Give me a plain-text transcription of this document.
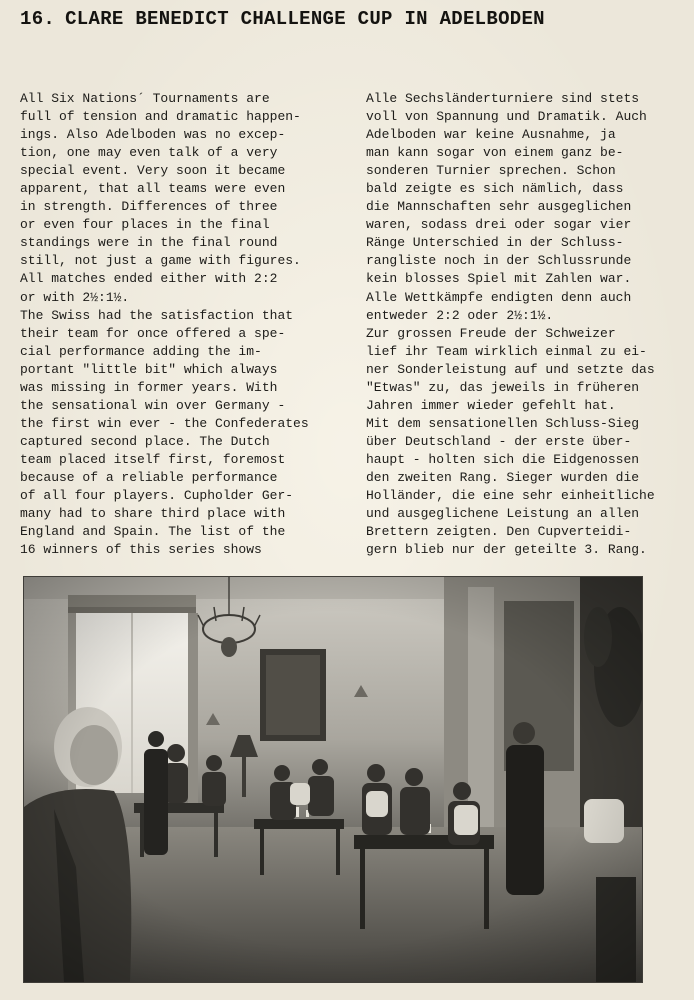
16. CLARE BENEDICT CHALLENGE CUP IN ADELBODEN
All Six Nations´ Tournaments are
full of tension and dramatic happen-
ings. Also Adelboden was no excep-
tion, one may even talk of a very
special event. Very soon it became
apparent, that all teams were even
in strength. Differences of three
or even four places in the final
standings were in the final round
still, not just a game with figures.
All matches ended either with 2:2
or with 2½:1½.
The Swiss had the satisfaction that
their team for once offered a spe-
cial performance adding the im-
portant "little bit" which always
was missing in former years. With
the sensational win over Germany -
the first win ever - the Confederates
captured second place. The Dutch
team placed itself first, foremost
because of a reliable performance
of all four players. Cupholder Ger-
many had to share third place with
England and Spain. The list of the
16 winners of this series shows
Alle Sechsländerturniere sind stets
voll von Spannung und Dramatik. Auch
Adelboden war keine Ausnahme, ja
man kann sogar von einem ganz be-
sonderen Turnier sprechen. Schon
bald zeigte es sich nämlich, dass
die Mannschaften sehr ausgeglichen
waren, sodass drei oder sogar vier
Ränge Unterschied in der Schluss-
rangliste noch in der Schlussrunde
kein blosses Spiel mit Zahlen war.
Alle Wettkämpfe endigten denn auch
entweder 2:2 oder 2½:1½.
Zur grossen Freude der Schweizer
lief ihr Team wirklich einmal zu ei-
ner Sonderleistung auf und setzte das
"Etwas" zu, das jeweils in früheren
Jahren immer wieder gefehlt hat.
Mit dem sensationellen Schluss-Sieg
über Deutschland - der erste über-
haupt - holten sich die Eidgenossen
den zweiten Rang. Sieger wurden die
Holländer, die eine sehr einheitliche
und ausgeglichene Leistung an allen
Brettern zeigten. Den Cupverteidi-
gern blieb nur der geteilte 3. Rang.
